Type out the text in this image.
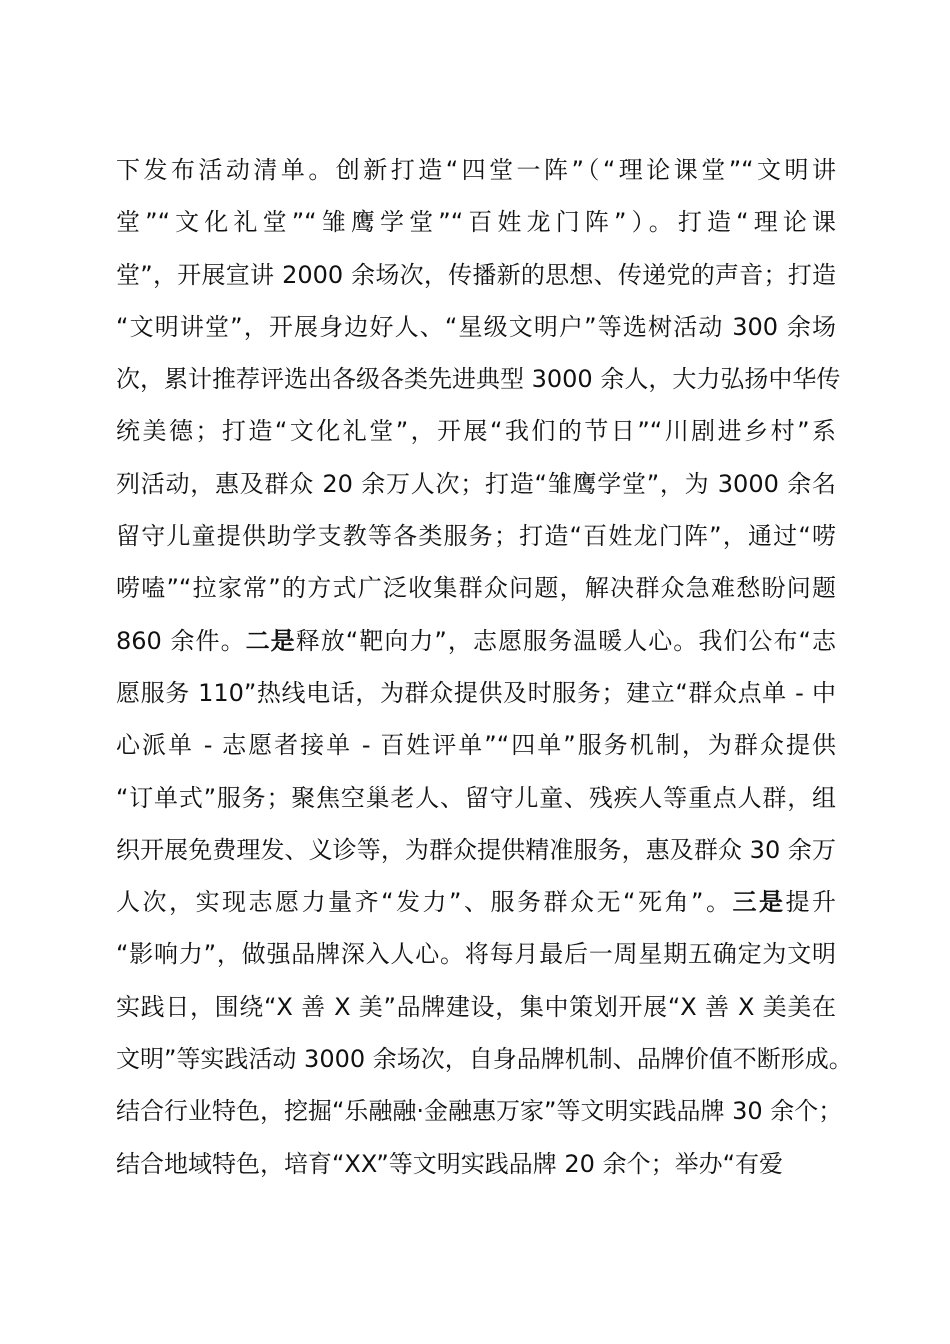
下发布活动清单。创新打造“四堂一阵”（“理论课堂”“文明讲
堂”“文化礼堂”“雏鹰学堂”“百姓龙门阵”）。打造“理论课
堂”，开展宣讲 2000 余场次，传播新的思想、传递党的声音；打造
“文明讲堂”，开展身边好人、“星级文明户”等选树活动 300 余场
次，累计推荐评选出各级各类先进典型 3000 余人，大力弘扬中华传
统美德；打造“文化礼堂”，开展“我们的节日”“川剧进乡村”系
列活动，惠及群众 20 余万人次；打造“雏鹰学堂”，为 3000 余名
留守儿童提供助学支教等各类服务；打造“百姓龙门阵”，通过“唠
唠嗑”“拉家常”的方式广泛收集群众问题，解决群众急难愁盼问题
860 余件。二是释放“靶向力”，志愿服务温暖人心。我们公布“志
愿服务 110”热线电话，为群众提供及时服务；建立“群众点单 - 中
心派单 - 志愿者接单 - 百姓评单”“四单”服务机制，为群众提供
“订单式”服务；聚焦空巢老人、留守儿童、残疾人等重点人群，组
织开展免费理发、义诊等，为群众提供精准服务，惠及群众 30 余万
人次，实现志愿力量齐“发力”、服务群众无“死角”。三是提升
“影响力”，做强品牌深入人心。将每月最后一周星期五确定为文明
实践日，围绕“X 善 X 美”品牌建设，集中策划开展“X 善 X 美美在
文明”等实践活动 3000 余场次，自身品牌机制、品牌价值不断形成。
结合行业特色，挖掘“乐融融·金融惠万家”等文明实践品牌 30 余个；
结合地域特色，培育“XX”等文明实践品牌 20 余个；举办“有爱
